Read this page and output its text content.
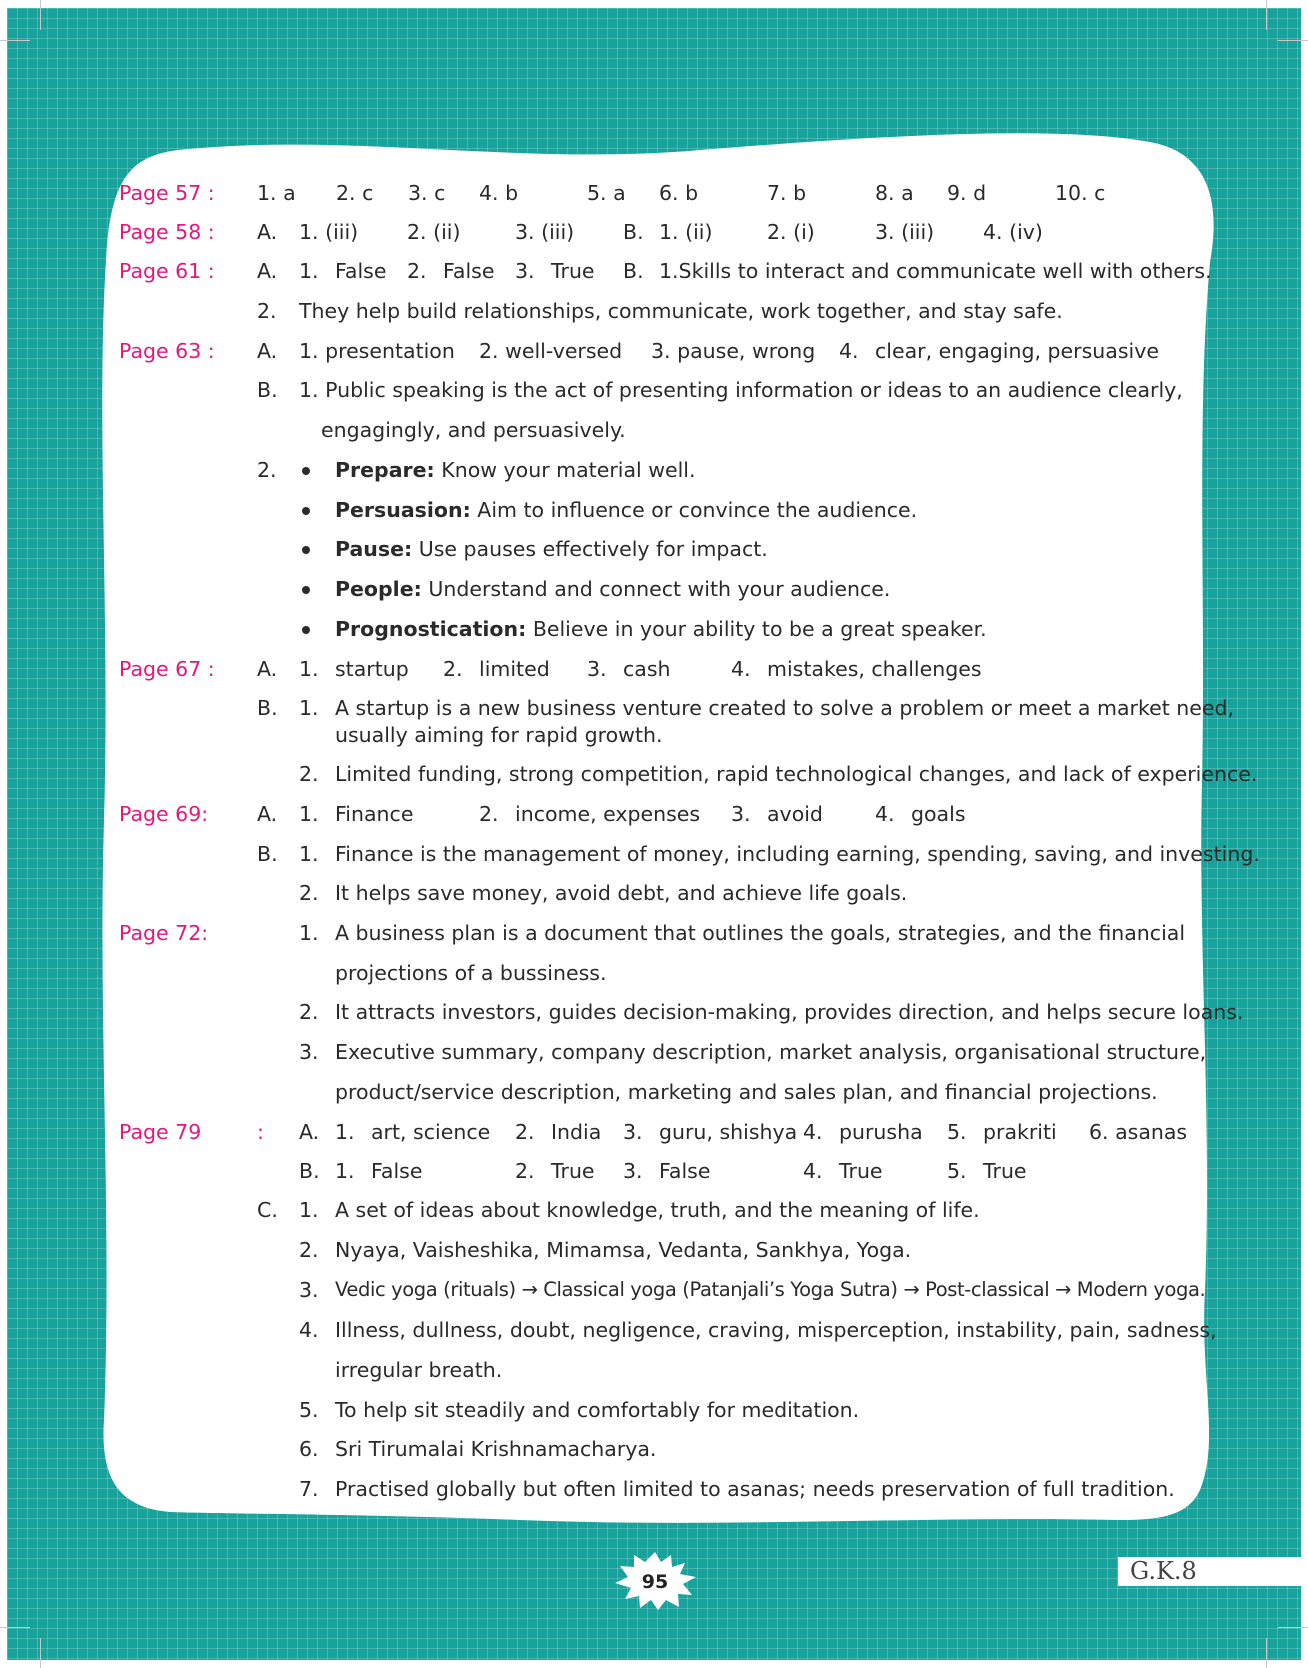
Page 57 : 1. a 2. c 3. c 4. b	5. a 6. b	7. b	8. a 9. d	10. c
Page 58 : A. 1. (iii) 2. (ii)	3. (iii) B. 1. (ii)	2. (i)	3. (iii) 4. (iv)
Page 61 : A. 1. False 2. False 3. True B. 1.Skills to interact and communicate well with others.
2. They help build relationships, communicate, work together, and stay safe.
Page 63 : A. 1. presentation 2. well-versed 3. pause, wrong 4. clear, engaging, persuasive
B. 1. Public speaking is the act of presenting information or ideas to an audience clearly,
engagingly, and persuasively.
2.	Prepare: Know your material well.
Persuasion: Aim to influence or convince the audience.
Pause: Use pauses effectively for impact.
People: Understand and connect with your audience.
Prognostication: Believe in your ability to be a great speaker.
Page 67 : A. 1. startup 2. limited 3. cash	4. mistakes, challenges
B. 1. A startup is a new business venture created to solve a problem or meet a market need,
usually aiming for rapid growth.
2. Limited funding, strong competition, rapid technological changes, and lack of experience.
Page 69: A. 1. Finance	2. income, expenses 3. avoid	4. goals
B. 1. Finance is the management of money, including earning, spending, saving, and investing.
2. It helps save money, avoid debt, and achieve life goals.
Page 72:	1. A business plan is a document that outlines the goals, strategies, and the financial
projections of a bussiness.
2. It attracts investors, guides decision-making, provides direction, and helps secure loans.
3. Executive summary, company description, market analysis, organisational structure,
product/service description, marketing and sales plan, and financial projections.
Page 79	: A. 1. art, science 2. India 3. guru, shishya 4. purusha 5. prakriti 6. asanas
B. 1. False	2. True 3. False	4. True	5. True
C. 1. A set of ideas about knowledge, truth, and the meaning of life.
2. Nyaya, Vaisheshika, Mimamsa, Vedanta, Sankhya, Yoga.
3. Vedic yoga (rituals) → Classical yoga (Patanjali’s Yoga Sutra) → Post-classical → Modern yoga.
4. Illness, dullness, doubt, negligence, craving, misperception, instability, pain, sadness,
irregular breath.
5. To help sit steadily and comfortably for meditation.
6. Sri Tirumalai Krishnamacharya.
7. Practised globally but often limited to asanas; needs preservation of full tradition.
95	G.K.8
